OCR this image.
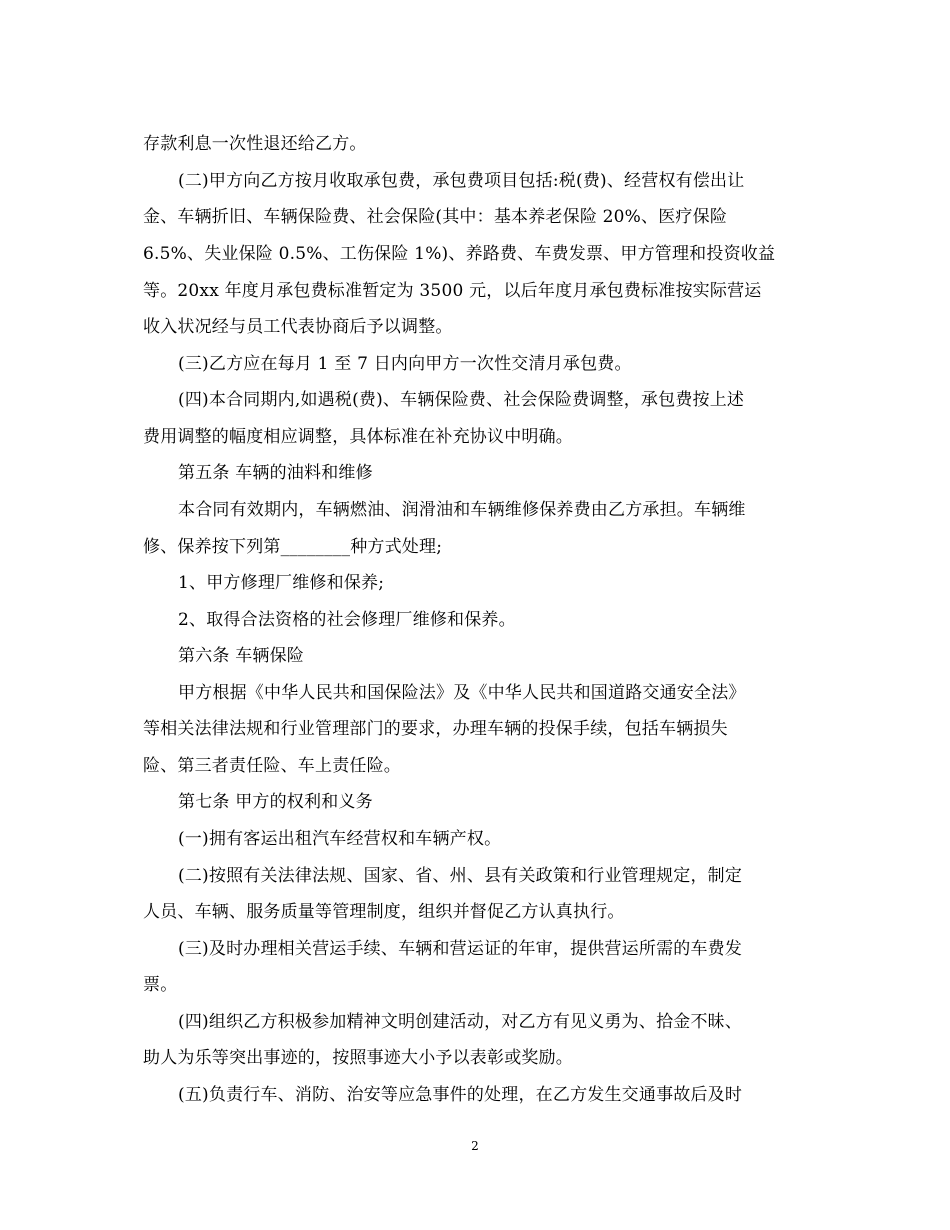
存款利息一次性退还给乙方。
(二)甲方向乙方按月收取承包费，承包费项目包括:税(费)、经营权有偿出让
金、车辆折旧、车辆保险费、社会保险(其中：基本养老保险 20%、医疗保险
6.5%、失业保险 0.5%、工伤保险 1%)、养路费、车费发票、甲方管理和投资收益
等。20xx 年度月承包费标准暂定为 3500 元，以后年度月承包费标准按实际营运
收入状况经与员工代表协商后予以调整。
(三)乙方应在每月 1 至 7 日内向甲方一次性交清月承包费。
(四)本合同期内,如遇税(费)、车辆保险费、社会保险费调整，承包费按上述
费用调整的幅度相应调整，具体标准在补充协议中明确。
第五条 车辆的油料和维修
本合同有效期内，车辆燃油、润滑油和车辆维修保养费由乙方承担。车辆维
修、保养按下列第________种方式处理;
1、甲方修理厂维修和保养;
2、取得合法资格的社会修理厂维修和保养。
第六条 车辆保险
甲方根据《中华人民共和国保险法》及《中华人民共和国道路交通安全法》
等相关法律法规和行业管理部门的要求，办理车辆的投保手续，包括车辆损失
险、第三者责任险、车上责任险。
第七条 甲方的权利和义务
(一)拥有客运出租汽车经营权和车辆产权。
(二)按照有关法律法规、国家、省、州、县有关政策和行业管理规定，制定
人员、车辆、服务质量等管理制度，组织并督促乙方认真执行。
(三)及时办理相关营运手续、车辆和营运证的年审，提供营运所需的车费发
票。
(四)组织乙方积极参加精神文明创建活动，对乙方有见义勇为、拾金不昧、
助人为乐等突出事迹的，按照事迹大小予以表彰或奖励。
(五)负责行车、消防、治安等应急事件的处理，在乙方发生交通事故后及时
2
